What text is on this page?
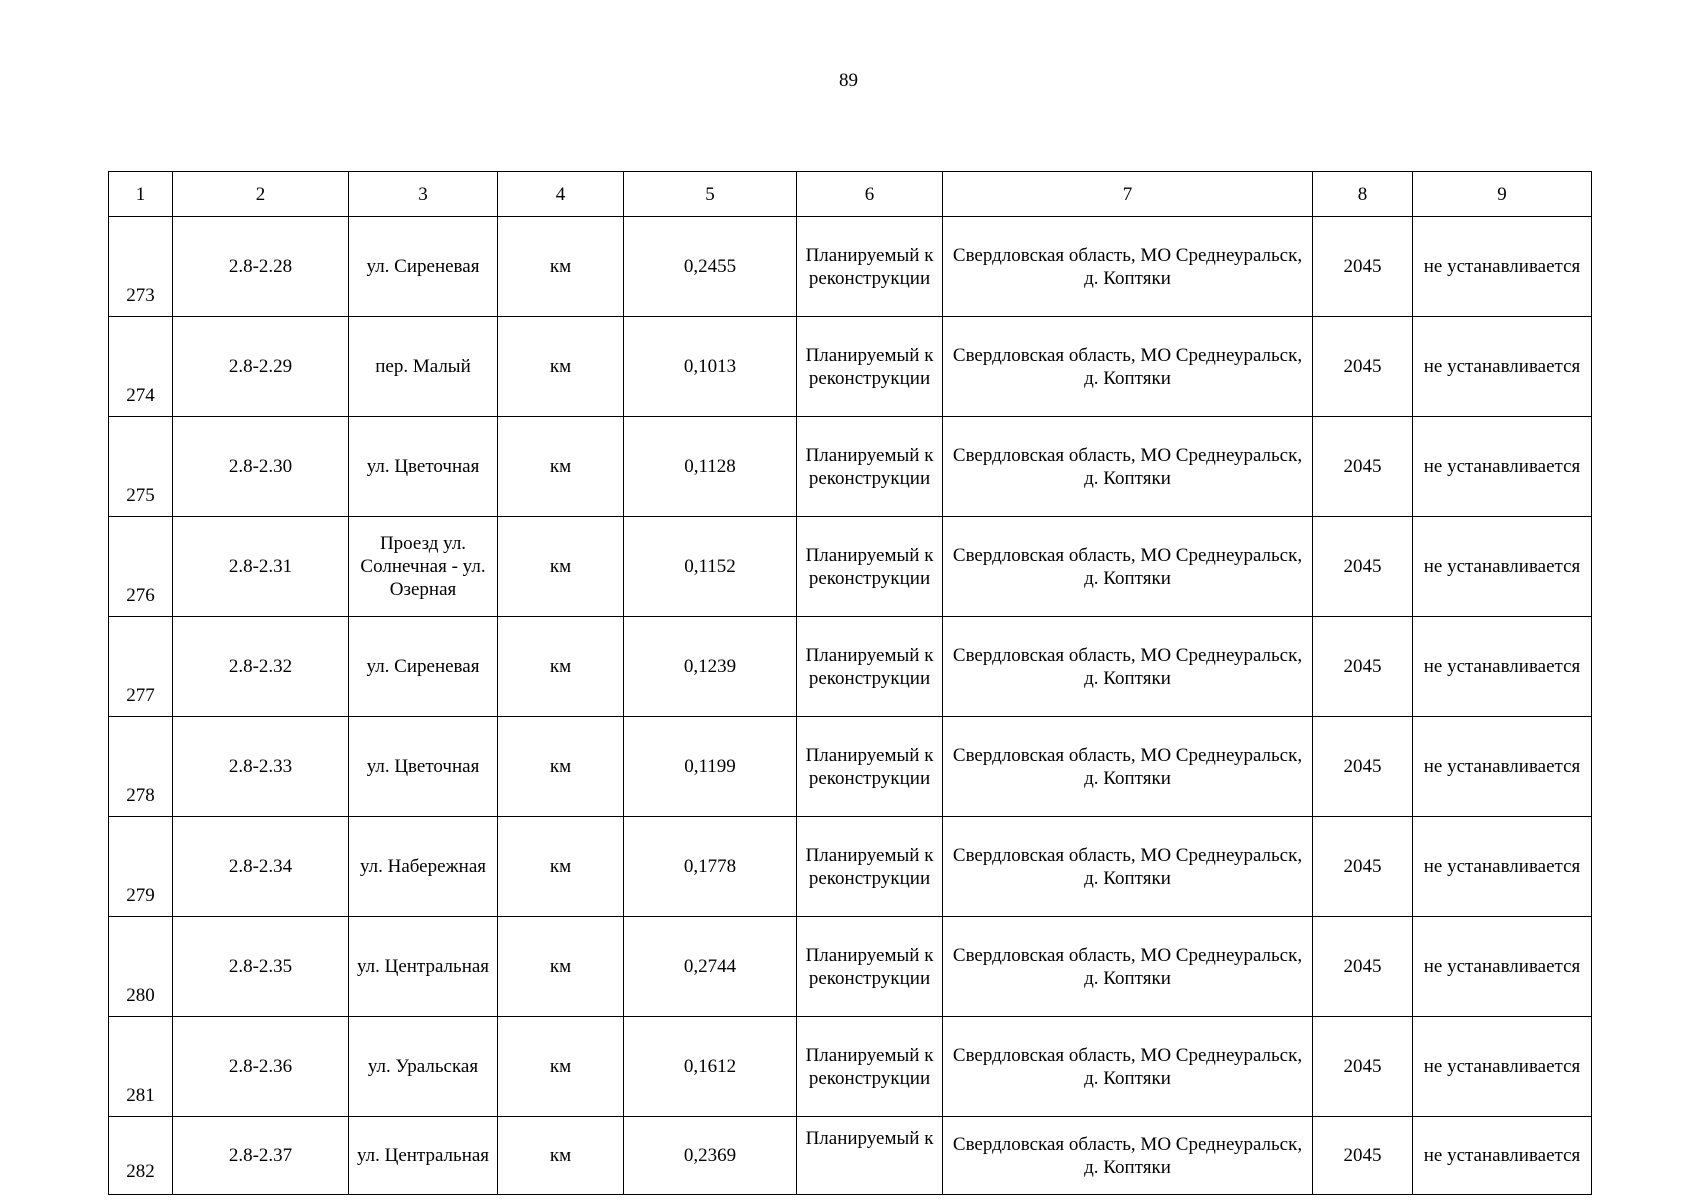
89
1	2	3	4	5	6	7	8	9
273	2.8-2.28	ул. Сиреневая	км	0,2455	Планируемый к реконструкции	Свердловская область, МО Среднеуральск, д. Коптяки	2045	не устанавливается
274	2.8-2.29	пер. Малый	км	0,1013	Планируемый к реконструкции	Свердловская область, МО Среднеуральск, д. Коптяки	2045	не устанавливается
275	2.8-2.30	ул. Цветочная	км	0,1128	Планируемый к реконструкции	Свердловская область, МО Среднеуральск, д. Коптяки	2045	не устанавливается
276	2.8-2.31	Проезд ул. Солнечная - ул. Озерная	км	0,1152	Планируемый к реконструкции	Свердловская область, МО Среднеуральск, д. Коптяки	2045	не устанавливается
277	2.8-2.32	ул. Сиреневая	км	0,1239	Планируемый к реконструкции	Свердловская область, МО Среднеуральск, д. Коптяки	2045	не устанавливается
278	2.8-2.33	ул. Цветочная	км	0,1199	Планируемый к реконструкции	Свердловская область, МО Среднеуральск, д. Коптяки	2045	не устанавливается
279	2.8-2.34	ул. Набережная	км	0,1778	Планируемый к реконструкции	Свердловская область, МО Среднеуральск, д. Коптяки	2045	не устанавливается
280	2.8-2.35	ул. Центральная	км	0,2744	Планируемый к реконструкции	Свердловская область, МО Среднеуральск, д. Коптяки	2045	не устанавливается
281	2.8-2.36	ул. Уральская	км	0,1612	Планируемый к реконструкции	Свердловская область, МО Среднеуральск, д. Коптяки	2045	не устанавливается
282	2.8-2.37	ул. Центральная	км	0,2369	Планируемый к	Свердловская область, МО Среднеуральск, д. Коптяки	2045	не устанавливается
